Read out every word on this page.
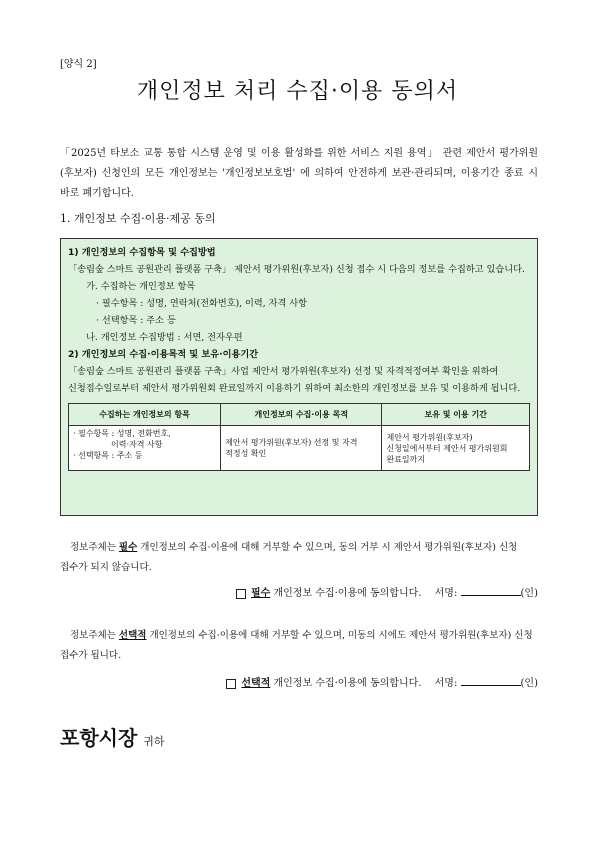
[양식 2]
개인정보 처리 수집·이용 동의서
「2025년 타보소 교통 통합 시스템 운영 및 이용 활성화를 위한 서비스 지원 용역」 관련 제안서 평가위원(후보자) 신청인의 모든 개인정보는 '개인정보보호법' 에 의하여 안전하게 보관·관리되며, 이용기간 종료 시 바로 폐기합니다.
1. 개인정보 수집·이용·제공 동의
1) 개인정보의 수집항목 및 수집방법
「송림숲 스마트 공원관리 플랫폼 구축」 제안서 평가위원(후보자) 신청 접수 시 다음의 정보를 수집하고 있습니다.
가. 수집하는 개인정보 항목
· 필수항목 : 성명, 연락처(전화번호), 이력, 자격 사항
· 선택항목 : 주소 등
나. 개인정보 수집방법 : 서면, 전자우편
2) 개인정보의 수집·이용목적 및 보유·이용기간
「송림숲 스마트 공원관리 플랫폼 구축」사업 제안서 평가위원(후보자) 선정 및 자격적정여부 확인을 위하여 신청접수일로부터 제안서 평가위원회 완료일까지 이용하기 위하여 최소한의 개인정보를 보유 및 이용하게 됩니다.
수집하는 개인정보의 항목	개인정보의 수집·이용 목적	보유 및 이용 기간

· 필수항목 : 성명, 전화번호,
이력·자격 사항
· 선택항목 : 주소 등	제안서 평가위원(후보자) 선정 및 자격 적정성 확인	제안서 평가위원(후보자) 신청일에서부터 제안서 평가위원회 완료일까지
정보주체는 필수 개인정보의 수집·이용에 대해 거부할 수 있으며, 동의 거부 시 제안서 평가위원(후보자) 신청 접수가 되지 않습니다.
필수 개인정보 수집·이용에 동의합니다. 서명:	(인)
정보주체는 선택적 개인정보의 수집·이용에 대해 거부할 수 있으며, 미동의 시에도 제안서 평가위원(후보자) 신청 접수가 됩니다.
선택적 개인정보 수집·이용에 동의합니다. 서명:	(인)
포항시장 귀하
